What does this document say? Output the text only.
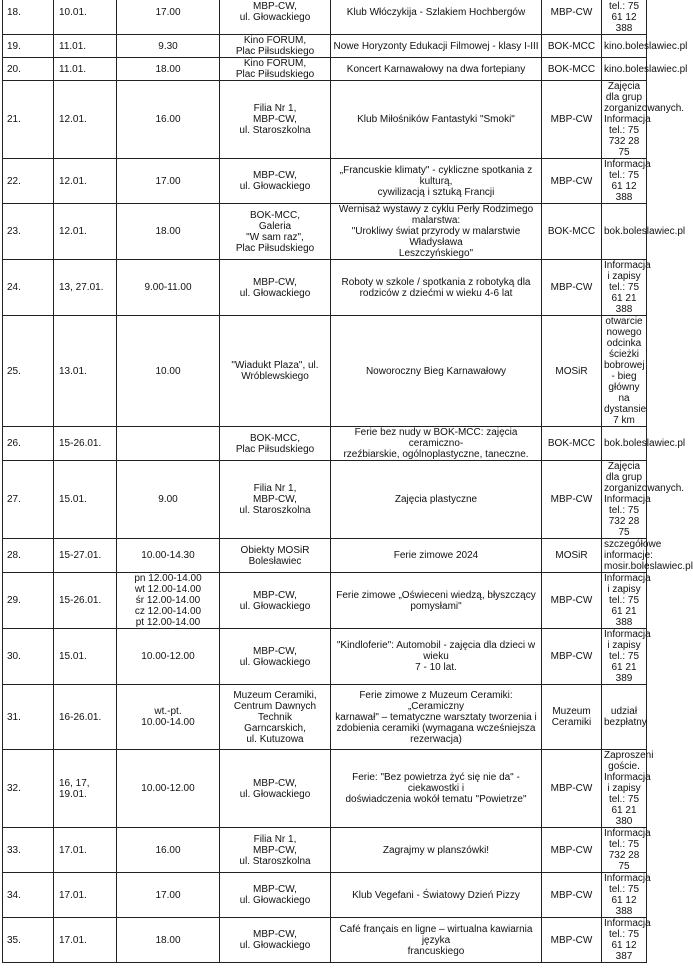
18.	10.01.	17.00	MBP-CW,
ul. Głowackiego	Klub Włóczykija - Szlakiem Hochbergów	MBP-CW	tel.: 75 61 12 388
19.	11.01.	9.30	Kino FORUM,
Plac Piłsudskiego	Nowe Horyzonty Edukacji Filmowej - klasy I-III	BOK-MCC	kino.boleslawiec.pl
20.	11.01.	18.00	Kino FORUM,
Plac Piłsudskiego	Koncert Karnawałowy na dwa fortepiany	BOK-MCC	kino.boleslawiec.pl
21.	12.01.	16.00	Filia Nr 1,
MBP-CW,
ul. Staroszkolna	Klub Miłośników Fantastyki "Smoki"	MBP-CW	Zajęcia dla grup
zorganizowanych.
Informacja
tel.: 75 732 28 75
22.	12.01.	17.00	MBP-CW,
ul. Głowackiego	„Francuskie klimaty" - cykliczne spotkania z kulturą,
cywilizacją i sztuką Francji	MBP-CW	Informacja
tel.: 75 61 12 388
23.	12.01.	18.00	BOK-MCC,
Galeria
"W sam raz",
Plac Piłsudskiego	Wernisaż wystawy z cyklu Perły Rodzimego
malarstwa:
"Urokliwy świat przyrody w malarstwie Władysława
Leszczyńskiego"	BOK-MCC	bok.boleslawiec.pl
24.	13, 27.01.	9.00-11.00	MBP-CW,
ul. Głowackiego	Roboty w szkole / spotkania z robotyką dla
rodziców z dziećmi w wieku 4-6 lat	MBP-CW	Informacja i zapisy
tel.: 75 61 21 388
25.	13.01.	10.00	"Wiadukt Plaza", ul.
Wróblewskiego	Noworoczny Bieg Karnawałowy	MOSiR	otwarcie nowego
odcinka ścieżki
bobrowej - bieg
główny na dystansie
7 km
26.	15-26.01.		BOK-MCC,
Plac Piłsudskiego	Ferie bez nudy w BOK-MCC: zajęcia ceramiczno-
rzeźbiarskie, ogólnoplastyczne, taneczne.	BOK-MCC	bok.boleslawiec.pl
27.	15.01.	9.00	Filia Nr 1,
MBP-CW,
ul. Staroszkolna	Zajęcia plastyczne	MBP-CW	Zajęcia dla grup
zorganizowanych.
Informacja
tel.: 75 732 28 75
28.	15-27.01.	10.00-14.30	Obiekty MOSiR
Bolesławiec	Ferie zimowe 2024	MOSiR	szczegółowe
informacje:
mosir.boleslawiec.pl
29.	15-26.01.	pn 12.00-14.00
wt 12.00-14.00
śr 12.00-14.00
cz 12.00-14.00
pt 12.00-14.00	MBP-CW,
ul. Głowackiego	Ferie zimowe „Oświeceni wiedzą, błyszczący
pomysłami"	MBP-CW	Informacja i zapisy
tel.: 75 61 21 388
30.	15.01.	10.00-12.00	MBP-CW,
ul. Głowackiego	"Kindloferie": Automobil - zajęcia dla dzieci w wieku
7 - 10 lat.	MBP-CW	Informacja i zapisy
tel.: 75 61 21 389
31.	16-26.01.	wt.-pt.
10.00-14.00	Muzeum Ceramiki,
Centrum Dawnych
Technik
Garncarskich,
ul. Kutuzowa	Ferie zimowe z Muzeum Ceramiki: „Ceramiczny
karnawał" – tematyczne warsztaty tworzenia i
zdobienia ceramiki (wymagana wcześniejsza
rezerwacja)	Muzeum
Ceramiki	udział bezpłatny
32.	16, 17,
19.01.	10.00-12.00	MBP-CW,
ul. Głowackiego	Ferie: "Bez powietrza żyć się nie da" - ciekawostki i
doświadczenia wokół tematu "Powietrze"	MBP-CW	Zaproszeni goście.
Informacja i zapisy
tel.: 75 61 21 380
33.	17.01.	16.00	Filia Nr 1,
MBP-CW,
ul. Staroszkolna	Zagrajmy w planszówki!	MBP-CW	Informacja
tel.: 75 732 28 75
34.	17.01.	17.00	MBP-CW,
ul. Głowackiego	Klub Vegefani - Światowy Dzień Pizzy	MBP-CW	Informacja
tel.: 75 61 12 388
35.	17.01.	18.00	MBP-CW,
ul. Głowackiego	Café français en ligne – wirtualna kawiarnia języka
francuskiego	MBP-CW	Informacja
tel.: 75 61 12 387
